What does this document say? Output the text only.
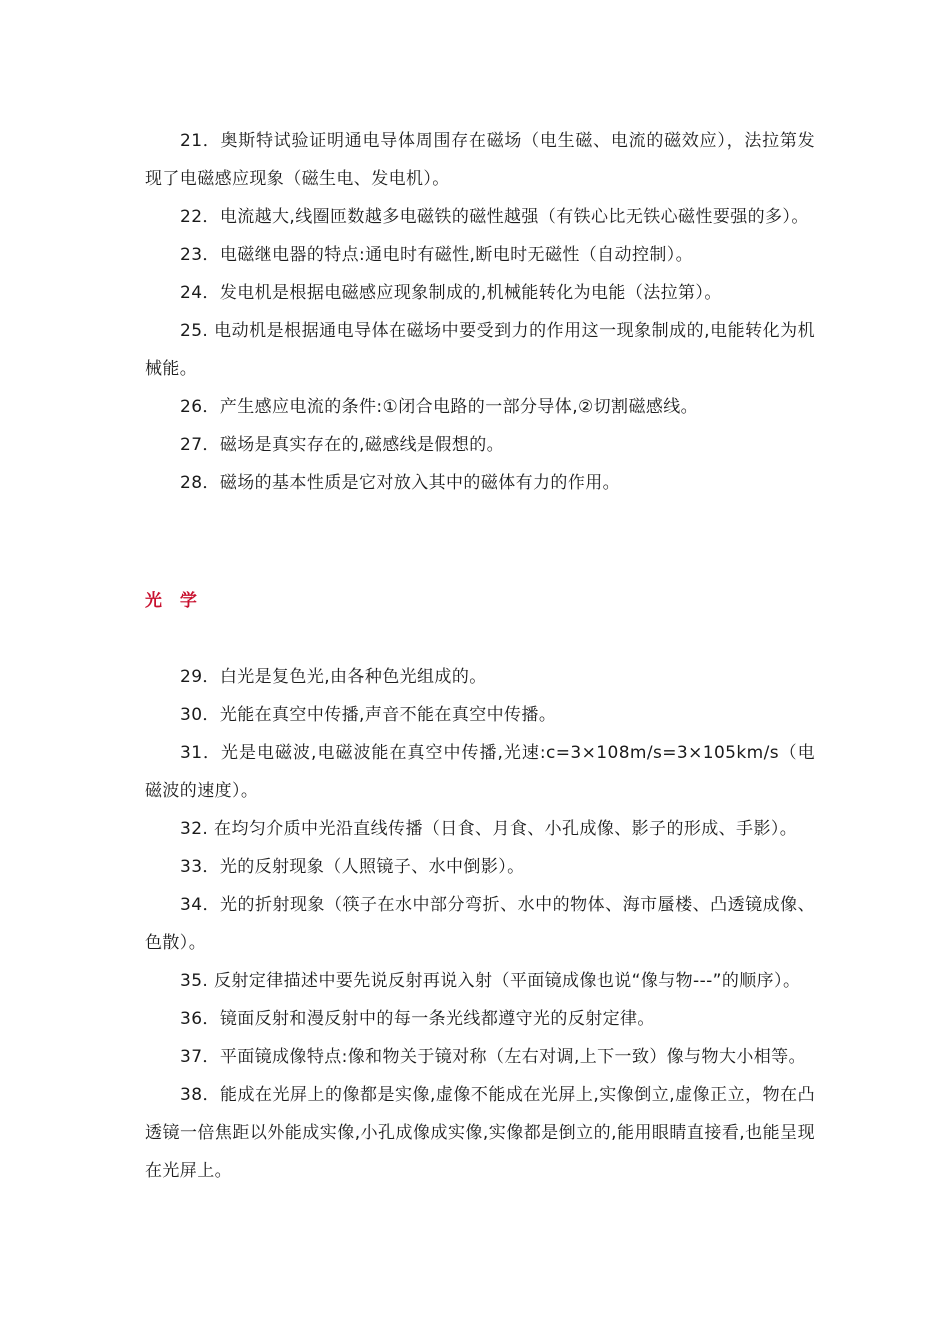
21．奥斯特试验证明通电导体周围存在磁场（电生磁、电流的磁效应），法拉第发现了电磁感应现象（磁生电、发电机）。

22．电流越大,线圈匝数越多电磁铁的磁性越强（有铁心比无铁心磁性要强的多）。

23．电磁继电器的特点:通电时有磁性,断电时无磁性（自动控制）。

24．发电机是根据电磁感应现象制成的,机械能转化为电能（法拉第）。

25. 电动机是根据通电导体在磁场中要受到力的作用这一现象制成的,电能转化为机械能。

26．产生感应电流的条件:①闭合电路的一部分导体,②切割磁感线。

27．磁场是真实存在的,磁感线是假想的。

28．磁场的基本性质是它对放入其中的磁体有力的作用。

光 学

29．白光是复色光,由各种色光组成的。

30．光能在真空中传播,声音不能在真空中传播。

31．光是电磁波,电磁波能在真空中传播,光速:c=3×108m/s=3×105km/s（电磁波的速度）。

32. 在均匀介质中光沿直线传播（日食、月食、小孔成像、影子的形成、手影）。

33．光的反射现象（人照镜子、水中倒影）。

34．光的折射现象（筷子在水中部分弯折、水中的物体、海市蜃楼、凸透镜成像、色散）。

35. 反射定律描述中要先说反射再说入射（平面镜成像也说“像与物---”的顺序）。

36．镜面反射和漫反射中的每一条光线都遵守光的反射定律。

37．平面镜成像特点:像和物关于镜对称（左右对调,上下一致）像与物大小相等。

38．能成在光屏上的像都是实像,虚像不能成在光屏上,实像倒立,虚像正立，物在凸透镜一倍焦距以外能成实像,小孔成像成实像,实像都是倒立的,能用眼睛直接看,也能呈现在光屏上。
